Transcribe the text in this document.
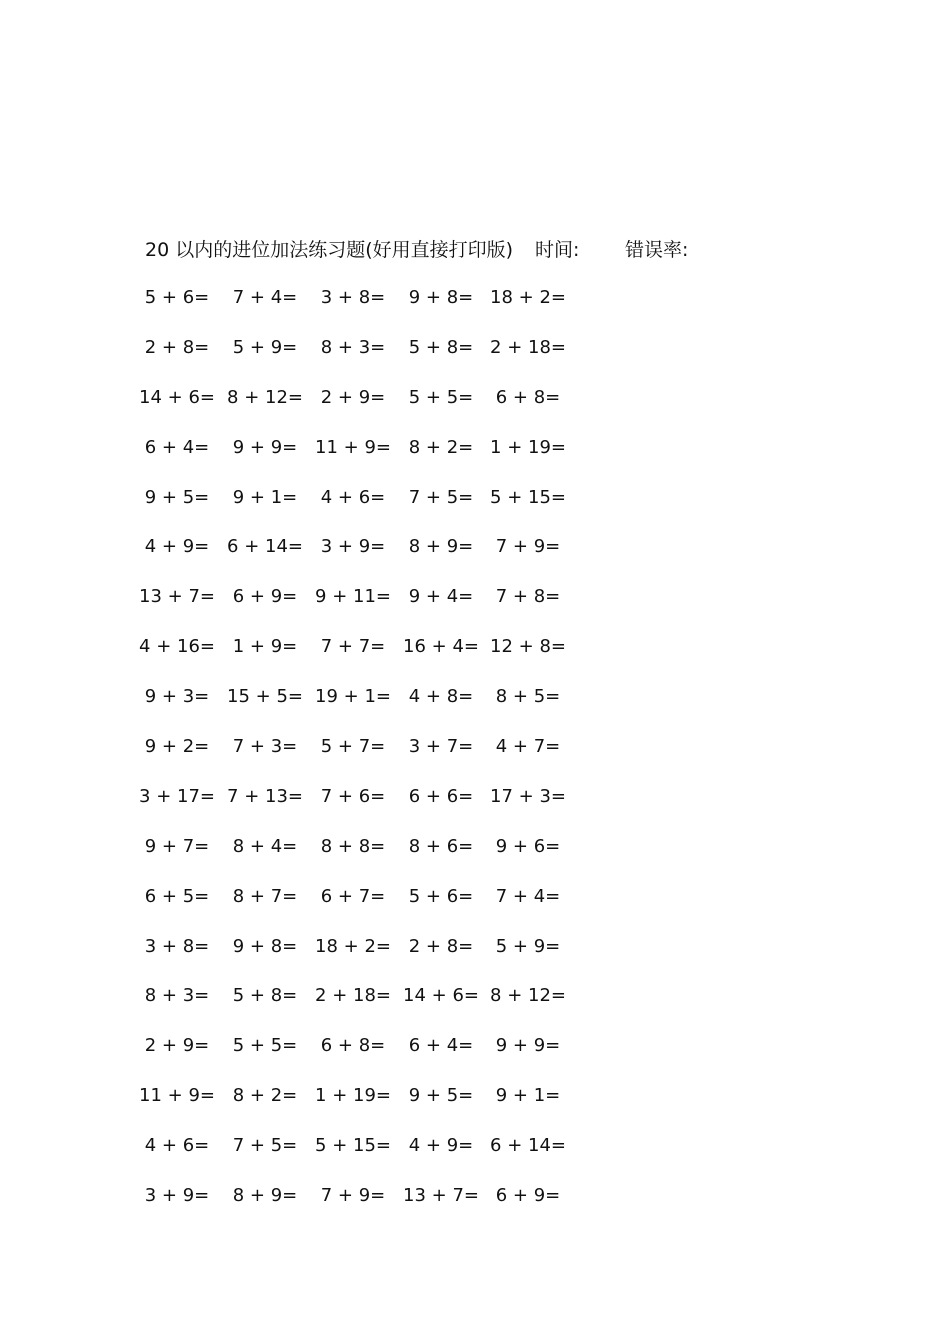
20 以内的进位加法练习题(好用直接打印版) 时间: 错误率:
5 + 6=	7 + 4=	3 + 8=	9 + 8= 18 + 2=
2 + 8=	5 + 9=	8 + 3=	5 + 8= 2 + 18=
14 + 6= 8 + 12= 2 + 9=	5 + 5=	6 + 8=
6 + 4=	9 + 9= 11 + 9= 8 + 2= 1 + 19=
9 + 5=	9 + 1=	4 + 6=	7 + 5= 5 + 15=
4 + 9= 6 + 14= 3 + 9=	8 + 9=	7 + 9=
13 + 7= 6 + 9= 9 + 11= 9 + 4=	7 + 8=
4 + 16= 1 + 9=	7 + 7= 16 + 4= 12 + 8=
9 + 3= 15 + 5= 19 + 1= 4 + 8=	8 + 5=
9 + 2=	7 + 3=	5 + 7=	3 + 7=	4 + 7=
3 + 17= 7 + 13= 7 + 6=	6 + 6= 17 + 3=
9 + 7=	8 + 4=	8 + 8=	8 + 6=	9 + 6=
6 + 5=	8 + 7=	6 + 7=	5 + 6=	7 + 4=
3 + 8=	9 + 8= 18 + 2= 2 + 8=	5 + 9=
8 + 3=	5 + 8= 2 + 18= 14 + 6= 8 + 12=
2 + 9=	5 + 5=	6 + 8=	6 + 4=	9 + 9=
11 + 9= 8 + 2= 1 + 19= 9 + 5=	9 + 1=
4 + 6=	7 + 5= 5 + 15= 4 + 9= 6 + 14=
3 + 9=	8 + 9=	7 + 9= 13 + 7= 6 + 9=
